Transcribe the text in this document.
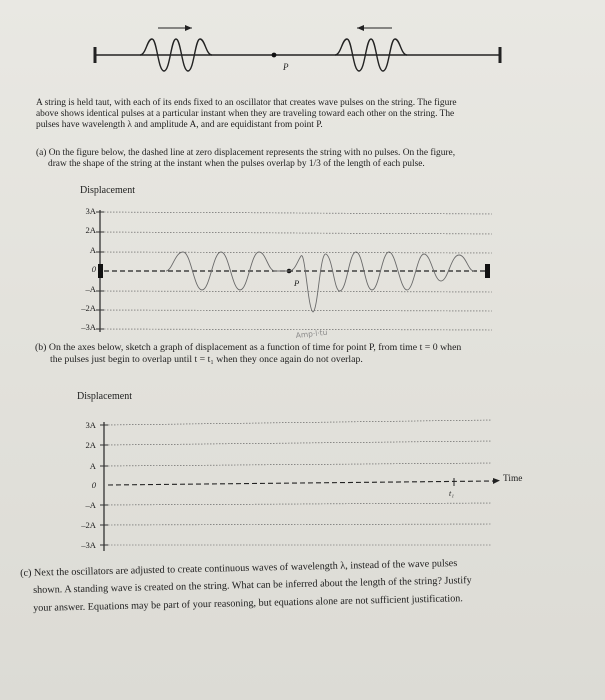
P
A string is held taut, with each of its ends fixed to an oscillator that creates wave pulses on the string. The figure
above shows identical pulses at a particular instant when they are traveling toward each other on the string. The
pulses have wavelength λ and amplitude A, and are equidistant from point P.
(a) On the figure below, the dashed line at zero displacement represents the string with no pulses. On the figure,
draw the shape of the string at the instant when the pulses overlap by 1/3 of the length of each pulse.
Displacement
3A
2A
A
0
–A
–2A
–3A
Amp·l·tu
P
(b) On the axes below, sketch a graph of displacement as a function of time for point P, from time t = 0 when
the pulses just begin to overlap until t = t₁ when they once again do not overlap.
Displacement
3A
2A
A
0
–A
–2A
–3A
Time
t₁
(c) Next the oscillators are adjusted to create continuous waves of wavelength λ, instead of the wave pulses
shown. A standing wave is created on the string. What can be inferred about the length of the string? Justify
your answer. Equations may be part of your reasoning, but equations alone are not sufficient justification.
